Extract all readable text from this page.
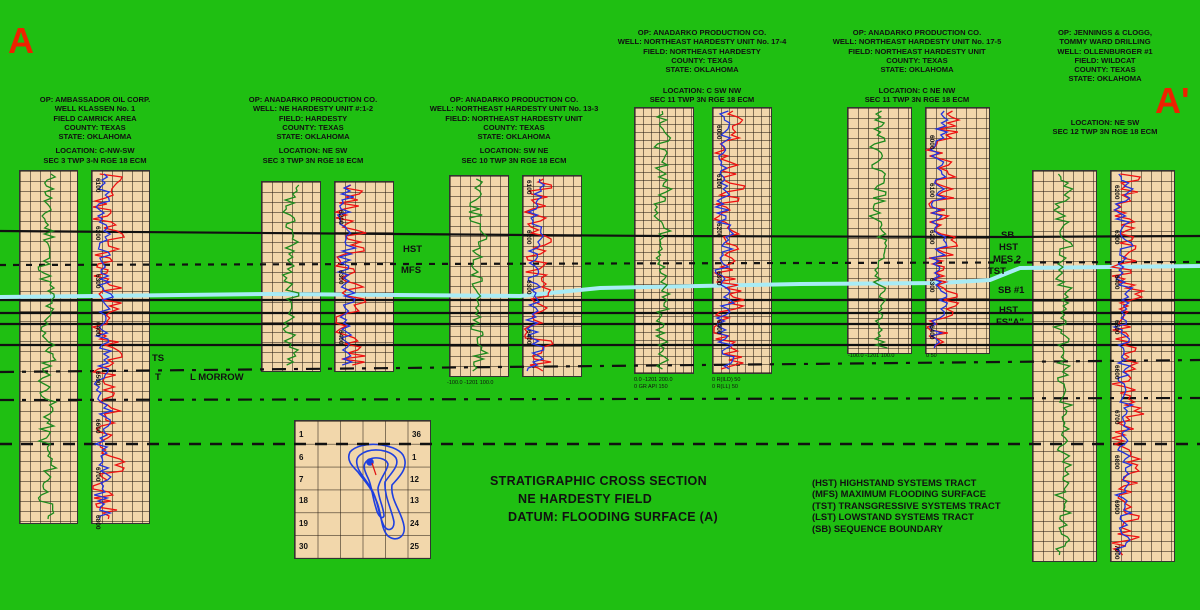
A
A'
OP: AMBASSADOR OIL CORP.
WELL KLASSEN No. 1
FIELD CAMRICK AREA
COUNTY: TEXAS
STATE: OKLAHOMA
LOCATION: C-NW-SW
SEC 3 TWP 3-N RGE 18 ECM
OP: ANADARKO PRODUCTION CO.
WELL: NE HARDESTY UNIT #:1-2
FIELD: HARDESTY
COUNTY: TEXAS
STATE: OKLAHOMA
LOCATION: NE SW
SEC 3 TWP 3N RGE 18 ECM
OP: ANADARKO PRODUCTION CO.
WELL: NORTHEAST HARDESTY UNIT No. 13-3
FIELD: NORTHEAST HARDESTY UNIT
COUNTY: TEXAS
STATE: OKLAHOMA
LOCATION: SW NE
SEC 10 TWP 3N RGE 18 ECM
OP: ANADARKO PRODUCTION CO.
WELL: NORTHEAST HARDESTY UNIT No. 17-4
FIELD: NORTHEAST HARDESTY
COUNTY: TEXAS
STATE: OKLAHOMA
LOCATION: C SW NW
SEC 11 TWP 3N RGE 18 ECM
OP: ANADARKO PRODUCTION CO.
WELL: NORTHEAST HARDESTY UNIT No. 17-5
FIELD: NORTHEAST HARDESTY UNIT
COUNTY: TEXAS
STATE: OKLAHOMA
LOCATION: C NE NW
SEC 11 TWP 3N RGE 18 ECM
OP: JENNINGS & CLOGG,
TOMMY WARD DRILLING
WELL: OLLENBURGER #1
FIELD: WILDCAT
COUNTY: TEXAS
STATE: OKLAHOMA
LOCATION: NE SW
SEC 12 TWP 3N RGE 18 ECM
1	36
6	1
7	12
18	13
19	24
30	25
6100
6200
6300
6400
6500
6600
6700
6800
6200
6300
6400
6100
6200
6300
6400
6000
6100
6200
6300
6400
6000
6100
6200
6300
6400
6200
6300
6400
6500
6600
6700
6800
6900
7000
-100.0 -1201 100.0	0.0 -1201 200.0
0 GR API 150
0 R(ILD) 50
0 R(LL) 50
-100.0 -1201 100.0	0 50
HST
MFS
TS
T	L MORROW
SB
HST
MFS 2
TST
SB #1
HST
FS"A"
STRATIGRAPHIC CROSS SECTION
NE HARDESTY FIELD
DATUM: FLOODING SURFACE (A)
(HST) HIGHSTAND SYSTEMS TRACT
(MFS) MAXIMUM FLOODING SURFACE
(TST) TRANSGRESSIVE SYSTEMS TRACT
(LST) LOWSTAND SYSTEMS TRACT
(SB) SEQUENCE BOUNDARY
